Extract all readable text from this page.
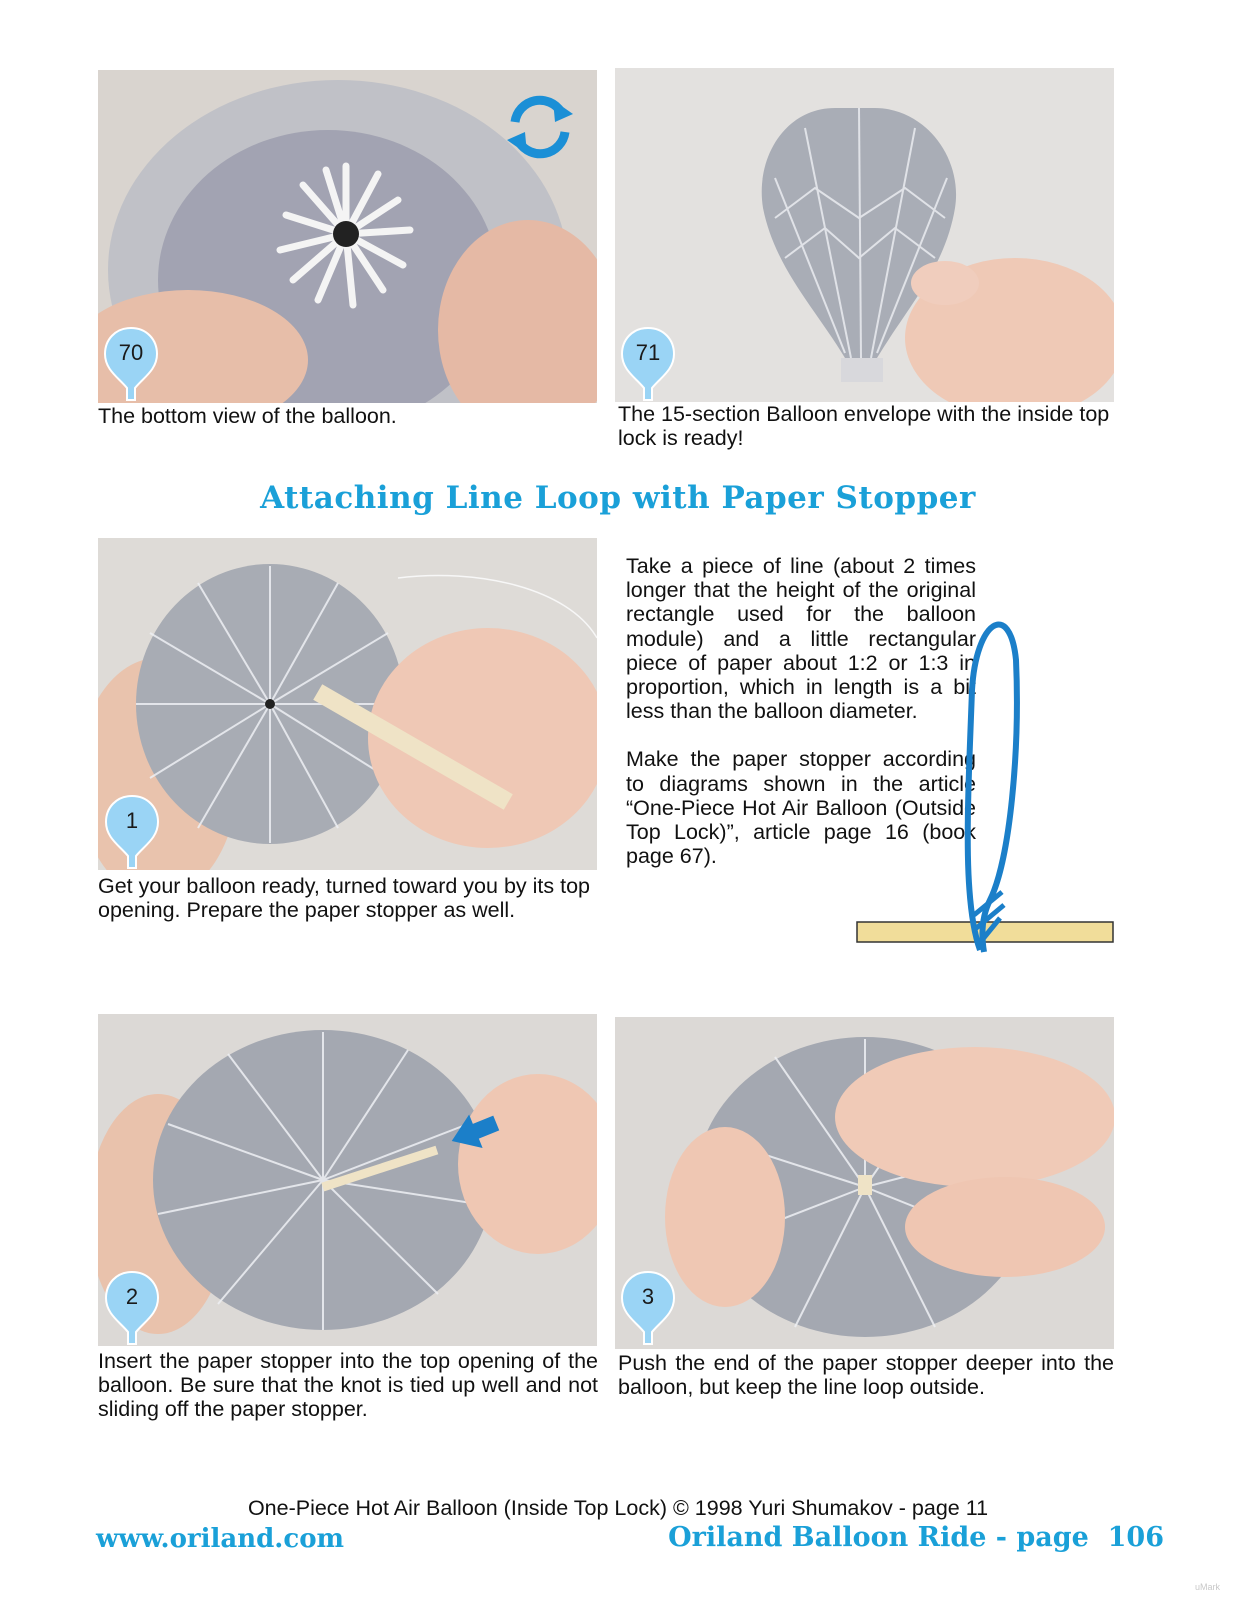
70
The bottom view of the balloon.
71
The 15-section Balloon envelope with the inside top lock is ready!
Attaching Line Loop with Paper Stopper
1
Get your balloon ready, turned toward you by its top opening. Prepare the paper stopper as well.

Take a piece of line (about 2 times longer that the height of the original rectangle used for the balloon module) and a little rectangular piece of paper about 1:2 or 1:3 in proportion, which in length is a bit less than the balloon diameter.

Make the paper stopper according to diagrams shown in the article “One-Piece Hot Air Balloon (Outside Top Lock)”, article page 16 (book page 67).

2
Insert the paper stopper into the top opening of the balloon. Be sure that the knot is tied up well and not sliding off the paper stopper.
3
Push the end of the paper stopper deeper into the balloon, but keep the line loop outside.
One-Piece Hot Air Balloon (Inside Top Lock) © 1998 Yuri Shumakov - page 11
www.oriland.com	Oriland Balloon Ride - page  106
uMark
